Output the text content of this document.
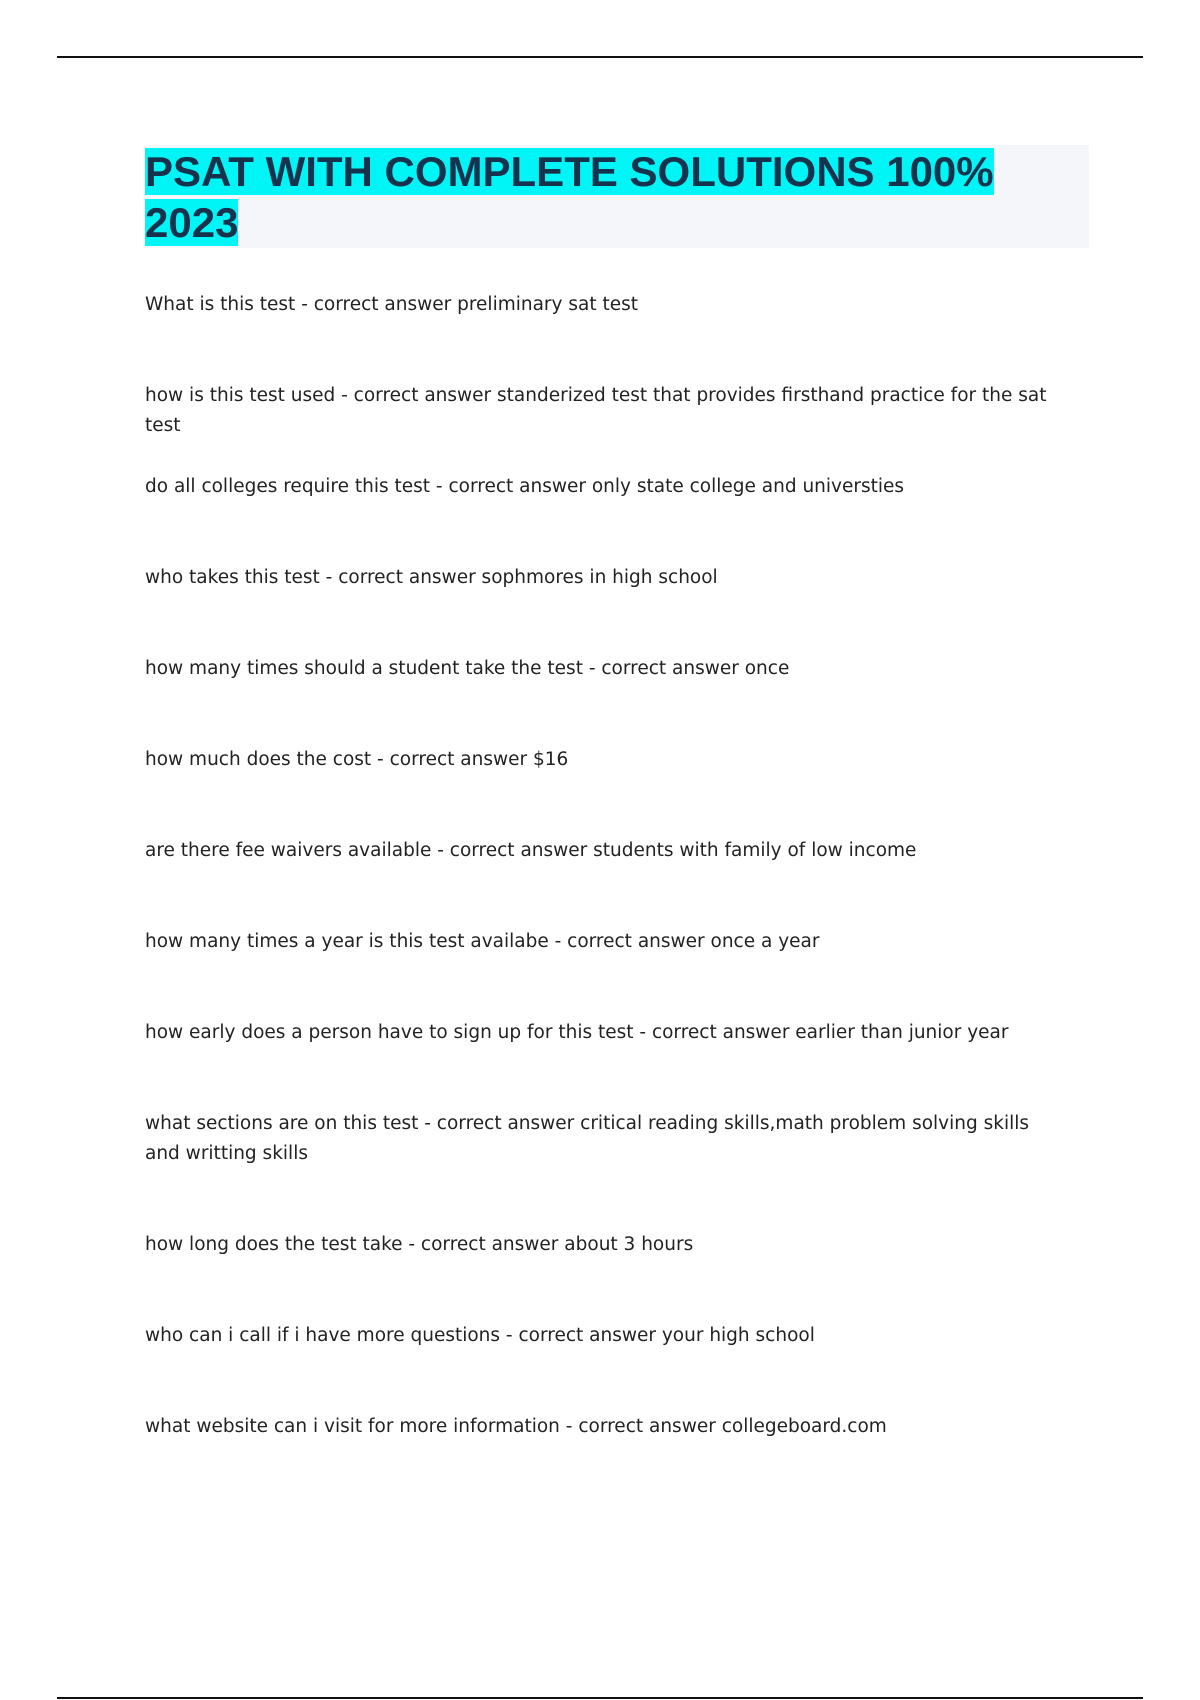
PSAT WITH COMPLETE SOLUTIONS 100%
2023
What is this test - correct answer preliminary sat test
how is this test used - correct answer standerized test that provides firsthand practice for the sat test
do all colleges require this test - correct answer only state college and universties
who takes this test - correct answer sophmores in high school
how many times should a student take the test - correct answer once
how much does the cost - correct answer $16
are there fee waivers available - correct answer students with family of low income
how many times a year is this test availabe - correct answer once a year
how early does a person have to sign up for this test - correct answer earlier than junior year
what sections are on this test - correct answer critical reading skills,math problem solving skills and writting skills
how long does the test take - correct answer about 3 hours
who can i call if i have more questions - correct answer your high school
what website can i visit for more information - correct answer collegeboard.com
